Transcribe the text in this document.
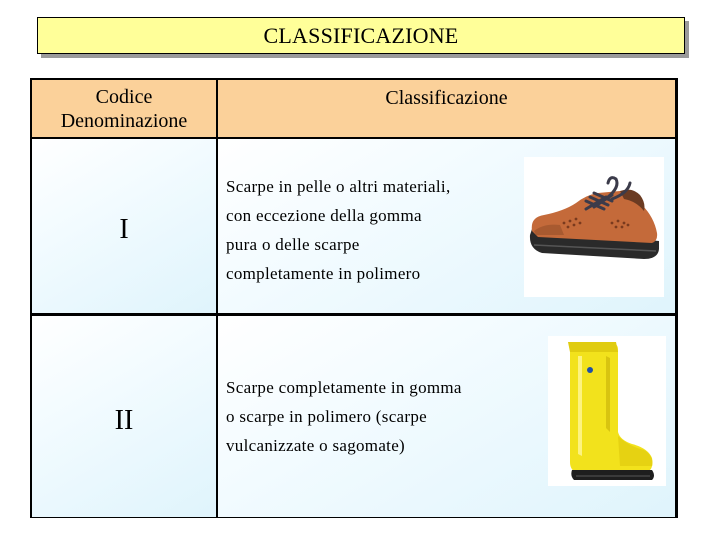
CLASSIFICAZIONE
Codice
Denominazione
Classificazione
I
Scarpe in pelle o altri materiali,
con eccezione della gomma
pura o delle scarpe
completamente in polimero
II
Scarpe completamente in gomma
o scarpe in polimero (scarpe
vulcanizzate o sagomate)
